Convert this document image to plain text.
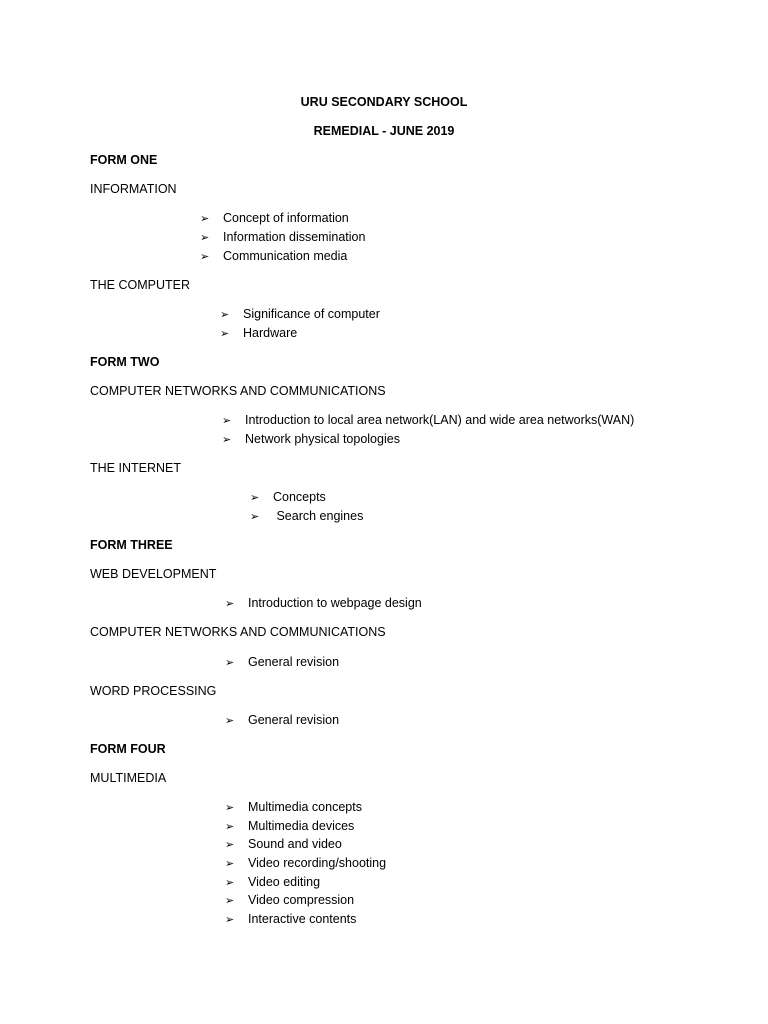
URU SECONDARY SCHOOL
REMEDIAL - JUNE 2019
FORM ONE
INFORMATION
➢ Concept of information
➢ Information dissemination
➢ Communication media
THE COMPUTER
➢ Significance of computer
➢ Hardware
FORM TWO
COMPUTER NETWORKS AND COMMUNICATIONS
➢ Introduction to local area network(LAN) and wide area networks(WAN)
➢ Network physical topologies
THE INTERNET
➢ Concepts
➢ Search engines
FORM THREE
WEB DEVELOPMENT
➢ Introduction to webpage design
COMPUTER NETWORKS AND COMMUNICATIONS
➢ General revision
WORD PROCESSING
➢ General revision
FORM FOUR
MULTIMEDIA
➢ Multimedia concepts
➢ Multimedia devices
➢ Sound and video
➢ Video recording/shooting
➢ Video editing
➢ Video compression
➢ Interactive contents
